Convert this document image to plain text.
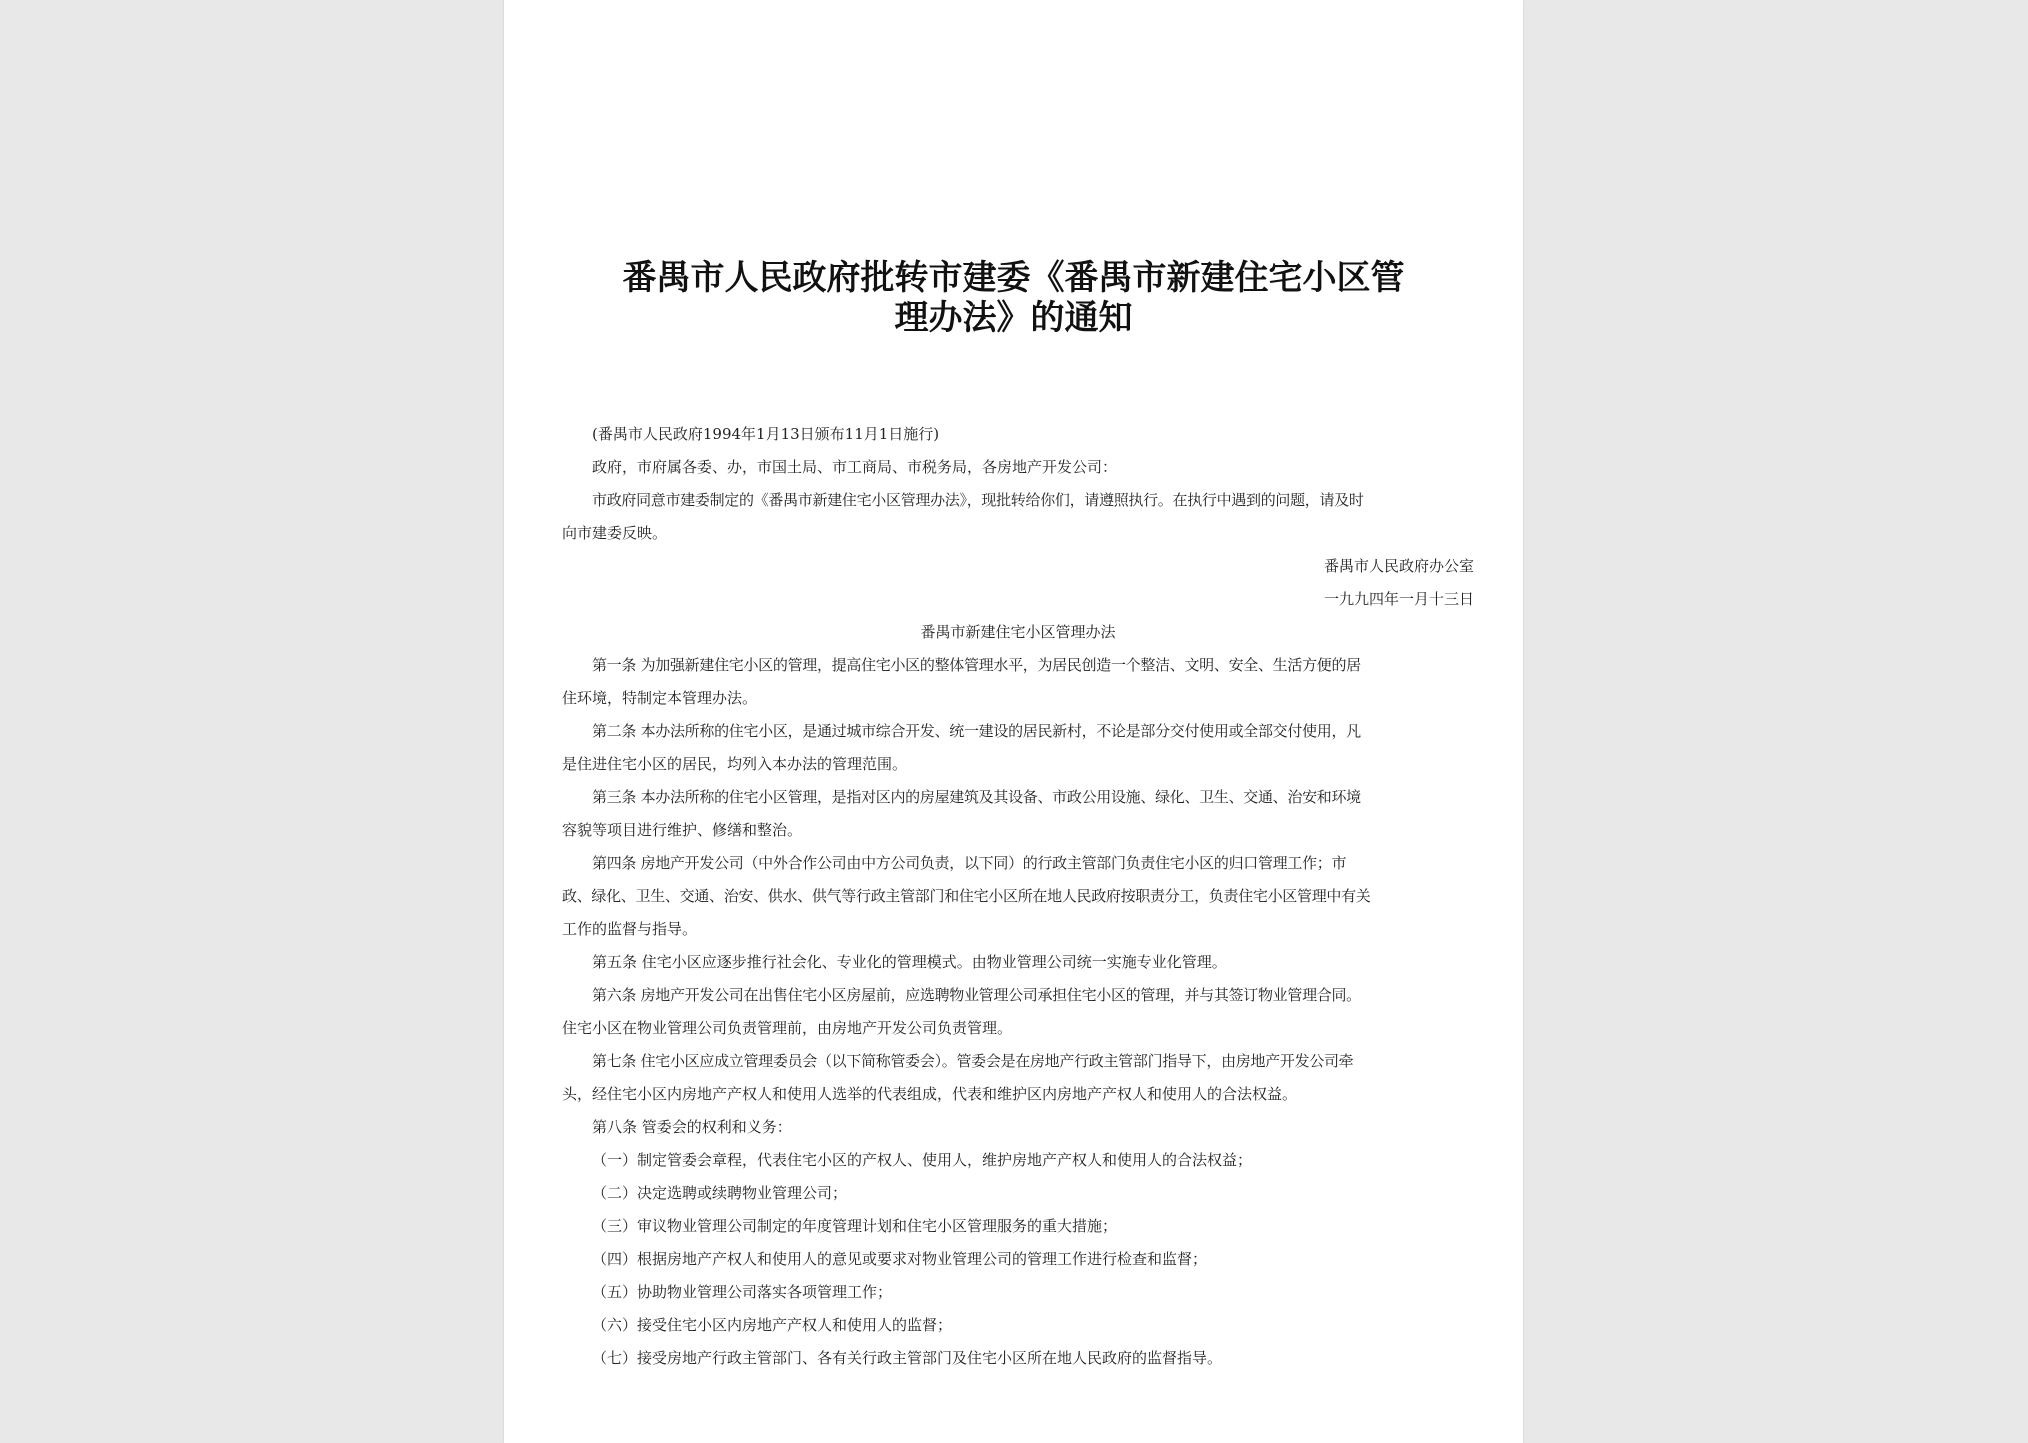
番禺市人民政府批转市建委《番禺市新建住宅小区管
理办法》的通知
(番禺市人民政府1994年1月13日颁布11月1日施行)
政府，市府属各委、办，市国土局、市工商局、市税务局，各房地产开发公司：
市政府同意市建委制定的《番禺市新建住宅小区管理办法》，现批转给你们，请遵照执行。在执行中遇到的问题，请及时
向市建委反映。
番禺市人民政府办公室
一九九四年一月十三日
番禺市新建住宅小区管理办法
第一条 为加强新建住宅小区的管理，提高住宅小区的整体管理水平，为居民创造一个整洁、文明、安全、生活方便的居
住环境，特制定本管理办法。
第二条 本办法所称的住宅小区，是通过城市综合开发、统一建设的居民新村，不论是部分交付使用或全部交付使用，凡
是住进住宅小区的居民，均列入本办法的管理范围。
第三条 本办法所称的住宅小区管理，是指对区内的房屋建筑及其设备、市政公用设施、绿化、卫生、交通、治安和环境
容貌等项目进行维护、修缮和整治。
第四条 房地产开发公司（中外合作公司由中方公司负责，以下同）的行政主管部门负责住宅小区的归口管理工作；市
政、绿化、卫生、交通、治安、供水、供气等行政主管部门和住宅小区所在地人民政府按职责分工，负责住宅小区管理中有关
工作的监督与指导。
第五条 住宅小区应逐步推行社会化、专业化的管理模式。由物业管理公司统一实施专业化管理。
第六条 房地产开发公司在出售住宅小区房屋前，应选聘物业管理公司承担住宅小区的管理，并与其签订物业管理合同。
住宅小区在物业管理公司负责管理前，由房地产开发公司负责管理。
第七条 住宅小区应成立管理委员会（以下简称管委会）。管委会是在房地产行政主管部门指导下，由房地产开发公司牵
头，经住宅小区内房地产产权人和使用人选举的代表组成，代表和维护区内房地产产权人和使用人的合法权益。
第八条 管委会的权利和义务：
（一）制定管委会章程，代表住宅小区的产权人、使用人，维护房地产产权人和使用人的合法权益；
（二）决定选聘或续聘物业管理公司；
（三）审议物业管理公司制定的年度管理计划和住宅小区管理服务的重大措施；
（四）根据房地产产权人和使用人的意见或要求对物业管理公司的管理工作进行检查和监督；
（五）协助物业管理公司落实各项管理工作；
（六）接受住宅小区内房地产产权人和使用人的监督；
（七）接受房地产行政主管部门、各有关行政主管部门及住宅小区所在地人民政府的监督指导。
